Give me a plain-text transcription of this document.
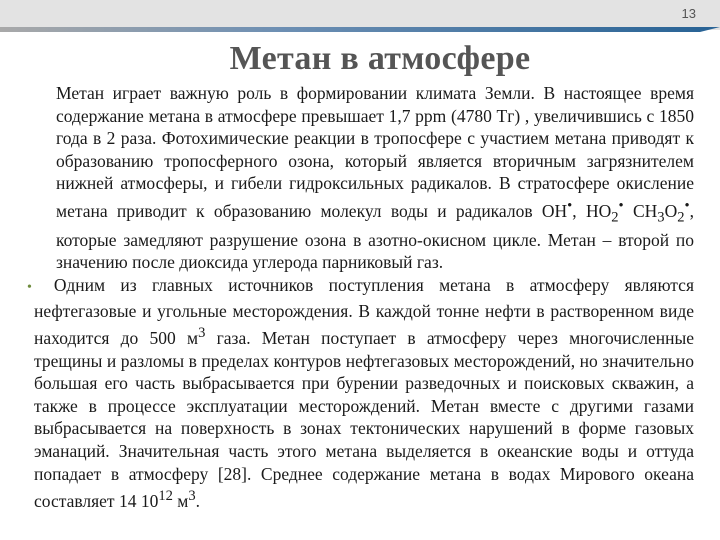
13
Метан в атмосфере

Метан играет важную роль в формировании климата Земли. В настоящее время содержание метана в атмосфере превышает 1,7 ppm (4780 Тг) , увеличившись с 1850 года в 2 раза. Фотохимические реакции в тропосфере с участием метана приводят к образованию тропосферного озона, который является вторичным загрязнителем нижней атмосферы, и гибели гидроксильных радикалов. В стратосфере окисление метана приводит к образованию молекул воды и радикалов ОН•, $НО_2^•$ $СН_3О_2^•$, которые замедляют разрушение озона в азотно-окисном цикле. Метан – второй по значению после диоксида углерода парниковый газ.

• Одним из главных источников поступления метана в атмосферу являются нефтегазовые и угольные месторождения. В каждой тонне нефти в растворенном виде находится до 500 $м^3$ газа. Метан поступает в атмосферу через многочисленные трещины и разломы в пределах контуров нефтегазовых месторождений, но значительно большая его часть выбрасывается при бурении разведочных и поисковых скважин, а также в процессе эксплуатации месторождений. Метан вместе с другими газами выбрасывается на поверхность в зонах тектонических нарушений в форме газовых эманаций. Значительная часть этого метана выделяется в океанские воды и оттуда попадает в атмосферу [28]. Среднее содержание метана в водах Мирового океана составляет 14 $10^{12}$ $м^3$.
